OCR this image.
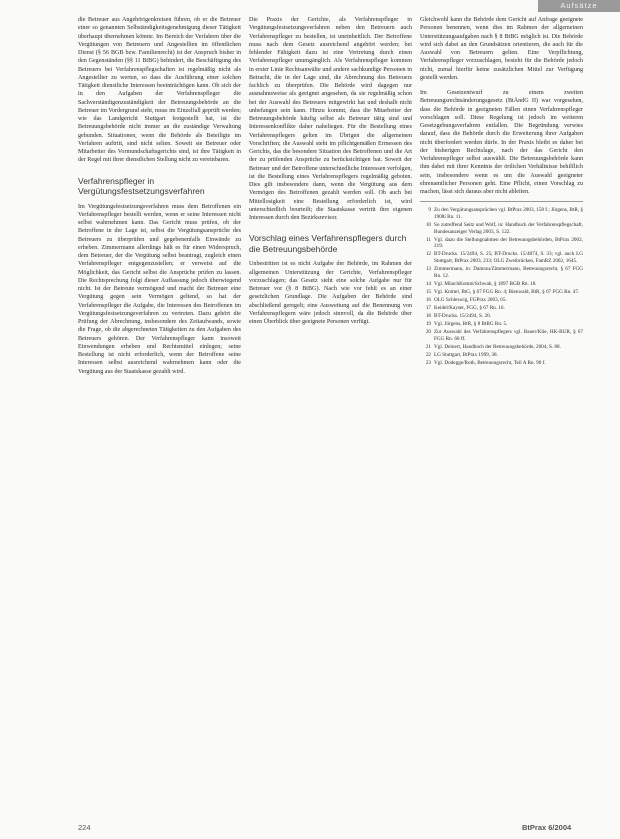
Aufsätze

die Betreuer aus Angehörigenkreisen führen, ob er die Betreuer einer so genannten Selbständigkeitsgenehmigung dieser Tätigkeit überhaupt übernehmen könnte. Im Bereich der Verfahren über die Vergütungen von Betreuern und Angestellten im öffentlichen Dienst (§ 56 BGB bzw. Familienrecht) ist der Anspruch bisher in den Gegenständen (§§ 11 BtBG) behindert, die Beschäftigung des Betreuers bei Verfahrenspflegschaften ist regelmäßig nicht als Angestellter zu werten, so dass die Ausführung einer solchen Tätigkeit dienstliche Interessen beeinträchtigen kann. Ob sich der in den Aufgaben der Verfahrenspfleger die Sachverständigenzuständigkeit der Betreuungsbehörde an die Betreuer im Vordergrund steht, muss im Einzelfall geprüft werden; wie das Landgericht Stuttgart festgestellt hat, ist die Betreuungsbehörde nicht immer an die zuständige Verwaltung gebunden. Situationen, wenn die Behörde als Beteiligte im Verfahren auftritt, sind nicht selten. Soweit sie Betreuer oder Mitarbeiter des Vormundschaftsgerichts sind, ist ihre Tätigkeit in der Regel mit ihrer dienstlichen Stellung nicht zu vereinbaren.

Verfahrenspfleger in Vergütungsfestsetzungsverfahren

Im Vergütungsfestsetzungsverfahren muss dem Betroffenen ein Verfahrenspfleger bestellt werden, wenn er seine Interessen nicht selbst wahrnehmen kann. Das Gericht muss prüfen, ob der Betroffene in der Lage ist, selbst die Vergütungsansprüche des Betreuers zu überprüfen und gegebenenfalls Einwände zu erheben. Zimmermann allerdings hält es für einen Widerspruch, dem Betreuer, der die Vergütung selbst beantragt, zugleich einen Verfahrenspfleger entgegenzustellen; er verweist auf die Möglichkeit, das Gericht selbst die Ansprüche prüfen zu lassen. Die Rechtsprechung folgt dieser Auffassung jedoch überwiegend nicht. Ist der Betreute vermögend und macht der Betreuer eine Vergütung gegen sein Vermögen geltend, so hat der Verfahrenspfleger die Aufgabe, die Interessen des Betroffenen im Vergütungsfestsetzungsverfahren zu vertreten. Dazu gehört die Prüfung der Abrechnung, insbesondere des Zeitaufwands, sowie die Frage, ob die abgerechneten Tätigkeiten zu den Aufgaben des Betreuers gehören. Der Verfahrenspfleger kann insoweit Einwendungen erheben und Rechtsmittel einlegen; seine Bestellung ist nicht erforderlich, wenn der Betroffene seine Interessen selbst ausreichend wahrnehmen kann oder die Vergütung aus der Staatskasse gezahlt wird.

Die Praxis der Gerichte, als Verfahrenspfleger in Vergütungsfestsetzungsverfahren neben den Betreuern auch Verfahrenspfleger zu bestellen, ist uneinheitlich. Der Betroffene muss nach dem Gesetz ausreichend angehört werden; bei fehlender Fähigkeit dazu ist eine Vertretung durch einen Verfahrenspfleger unumgänglich. Als Verfahrenspfleger kommen in erster Linie Rechtsanwälte und andere sachkundige Personen in Betracht, die in der Lage sind, die Abrechnung des Betreuers fachlich zu überprüfen. Die Behörde wird dagegen nur ausnahmsweise als geeignet angesehen, da sie regelmäßig schon bei der Auswahl des Betreuers mitgewirkt hat und deshalb nicht unbefangen sein kann. Hinzu kommt, dass die Mitarbeiter der Betreuungsbehörde häufig selbst als Betreuer tätig sind und Interessenkonflikte daher naheliegen. Für die Bestellung eines Verfahrenspflegers gelten im Übrigen die allgemeinen Vorschriften; die Auswahl steht im pflichtgemäßen Ermessen des Gerichts, das die besondere Situation des Betroffenen und die Art der zu prüfenden Ansprüche zu berücksichtigen hat. Soweit der Betreuer und der Betroffene unterschiedliche Interessen verfolgen, ist die Bestellung eines Verfahrenspflegers regelmäßig geboten. Dies gilt insbesondere dann, wenn die Vergütung aus dem Vermögen des Betroffenen gezahlt werden soll. Ob auch bei Mittellosigkeit eine Bestellung erforderlich ist, wird unterschiedlich beurteilt; die Staatskasse vertritt ihre eigenen Interessen durch den Bezirksrevisor.

Vorschlag eines Verfahrenspflegers durch die Betreuungsbehörde

Unbestritten ist es nicht Aufgabe der Behörde, im Rahmen der allgemeinen Unterstützung der Gerichte, Verfahrenspfleger vorzuschlagen; das Gesetz sieht eine solche Aufgabe nur für Betreuer vor (§ 8 BtBG). Nach wie vor fehlt es an einer gesetzlichen Grundlage. Die Aufgaben der Behörde sind abschließend geregelt; eine Ausweitung auf die Benennung von Verfahrenspflegern wäre jedoch sinnvoll, da die Behörde über einen Überblick über geeignete Personen verfügt.

Gleichwohl kann die Behörde dem Gericht auf Anfrage geeignete Personen benennen, wenn dies im Rahmen der allgemeinen Unterstützungsaufgaben nach § 8 BtBG möglich ist. Die Behörde wird sich dabei an den Grundsätzen orientieren, die auch für die Auswahl von Betreuern gelten. Eine Verpflichtung, Verfahrenspfleger vorzuschlagen, besteht für die Behörde jedoch nicht, zumal hierfür keine zusätzlichen Mittel zur Verfügung gestellt werden.

Im Gesetzentwurf zu einem zweiten Betreuungsrechtsänderungsgesetz (BtÄndG II) war vorgesehen, dass die Behörde in geeigneten Fällen einen Verfahrenspfleger vorschlagen soll. Diese Regelung ist jedoch im weiteren Gesetzgebungsverfahren entfallen. Die Begründung verwies darauf, dass die Behörde durch die Erweiterung ihrer Aufgaben nicht überfordert werden dürfe. In der Praxis bleibt es daher bei der bisherigen Rechtslage, nach der das Gericht den Verfahrenspfleger selbst auswählt. Die Betreuungsbehörde kann ihm dabei mit ihrer Kenntnis der örtlichen Verhältnisse behilflich sein, insbesondere wenn es um die Auswahl geeigneter ehrenamtlicher Personen geht. Eine Pflicht, einen Vorschlag zu machen, lässt sich daraus aber nicht ableiten.

9 Zu den Vergütungsansprüchen vgl. BtPrax 2003, 158 f.; Jürgens, BtR, § 1908i Rn. 11.
10 So zutreffend Seitz und Wolf, in: Handbuch der Verfahrenspflegschaft, Bundesanzeiger Verlag 2003, S. 122.
11 Vgl. dazu die Stellungnahmen der Betreuungsbehörden, BtPrax 2002, 219.
12 BT-Drucks. 15/2494, S. 25; BT-Drucks. 15/4874, S. 33; vgl. auch LG Stuttgart, BtPrax 2003, 233; OLG Zweibrücken, FamRZ 2002, 1645.
13 Zimmermann, in: Damrau/Zimmermann, Betreuungsrecht, § 67 FGG Rn. 12.
14 Vgl. MünchKomm/Schwab, § 1897 BGB Rn. 18.
15 Vgl. Knittel, BtG, § 67 FGG Rn. 4; Bienwald, BtR, § 67 FGG Rn. 47.
16 OLG Schleswig, FGPrax 2003, 65.
17 Keidel/Kayser, FGG, § 67 Rn. 16.
18 BT-Drucks. 15/2494, S. 20.
19 Vgl. Jürgens, BtR, § 8 BtBG Rn. 5.
20 Zur Auswahl des Verfahrenspflegers vgl. Bauer/Klie, HK-BUR, § 67 FGG Rn. 60 ff.
21 Vgl. Deinert, Handbuch der Betreuungsbehörde, 2004, S. 88.
22 LG Stuttgart, BtPrax 1999, 38.
23 Vgl. Dodegge/Roth, Betreuungsrecht, Teil A Rn. 90 f.
224	BtPrax 6/2004
